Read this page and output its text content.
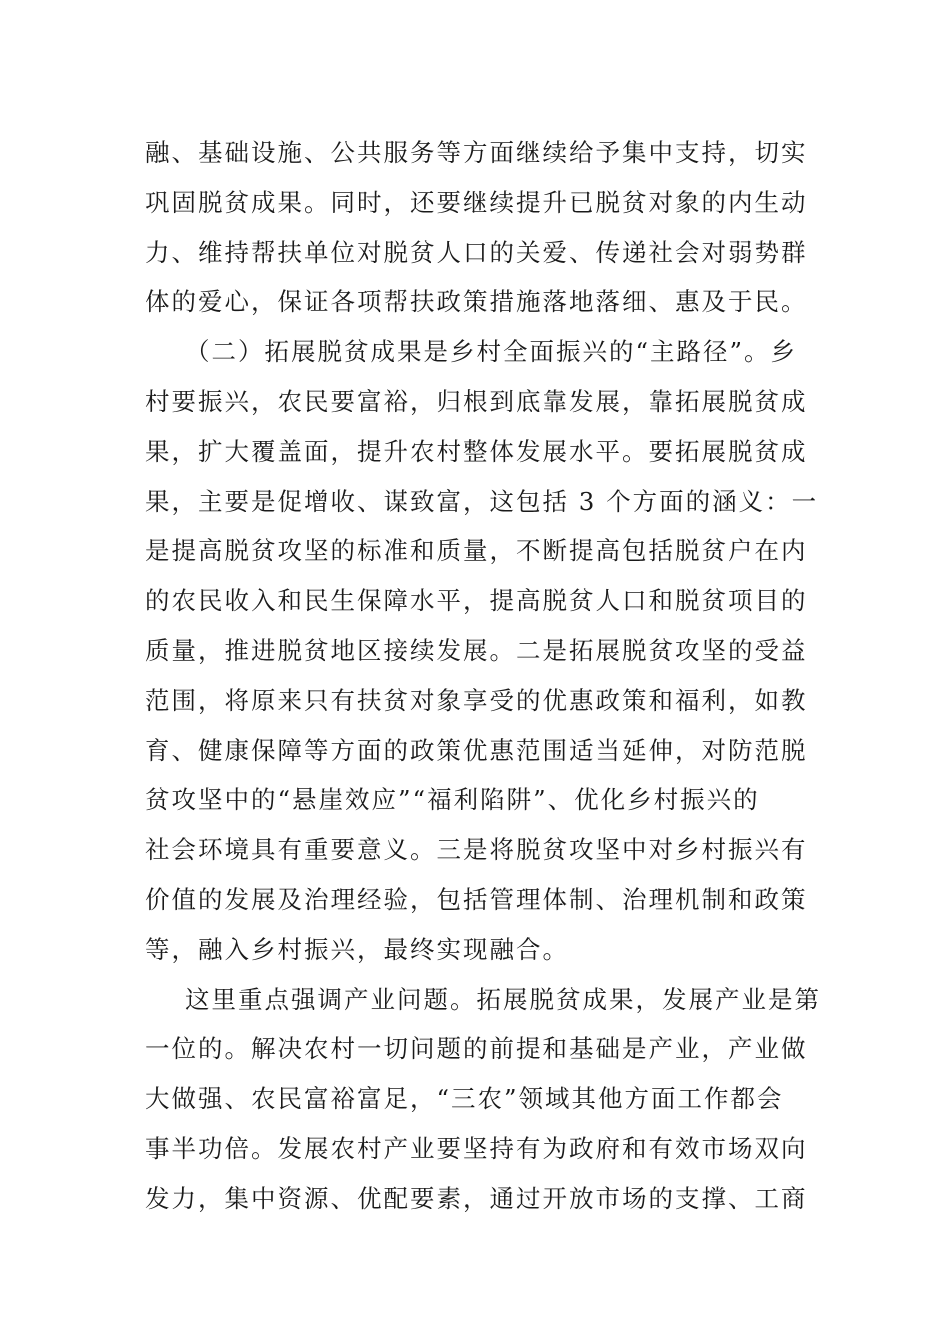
融、基础设施、公共服务等方面继续给予集中支持，切实
巩固脱贫成果。同时，还要继续提升已脱贫对象的内生动
力、维持帮扶单位对脱贫人口的关爱、传递社会对弱势群
体的爱心，保证各项帮扶政策措施落地落细、惠及于民。
（二）拓展脱贫成果是乡村全面振兴的“主路径”。乡
村要振兴，农民要富裕，归根到底靠发展，靠拓展脱贫成
果，扩大覆盖面，提升农村整体发展水平。要拓展脱贫成
果，主要是促增收、谋致富，这包括 3 个方面的涵义：一
是提高脱贫攻坚的标准和质量，不断提高包括脱贫户在内
的农民收入和民生保障水平，提高脱贫人口和脱贫项目的
质量，推进脱贫地区接续发展。二是拓展脱贫攻坚的受益
范围，将原来只有扶贫对象享受的优惠政策和福利，如教
育、健康保障等方面的政策优惠范围适当延伸，对防范脱
贫攻坚中的“悬崖效应”“福利陷阱”、优化乡村振兴的
社会环境具有重要意义。三是将脱贫攻坚中对乡村振兴有
价值的发展及治理经验，包括管理体制、治理机制和政策
等，融入乡村振兴，最终实现融合。
这里重点强调产业问题。拓展脱贫成果，发展产业是第
一位的。解决农村一切问题的前提和基础是产业，产业做
大做强、农民富裕富足，“三农”领域其他方面工作都会
事半功倍。发展农村产业要坚持有为政府和有效市场双向
发力，集中资源、优配要素，通过开放市场的支撑、工商
